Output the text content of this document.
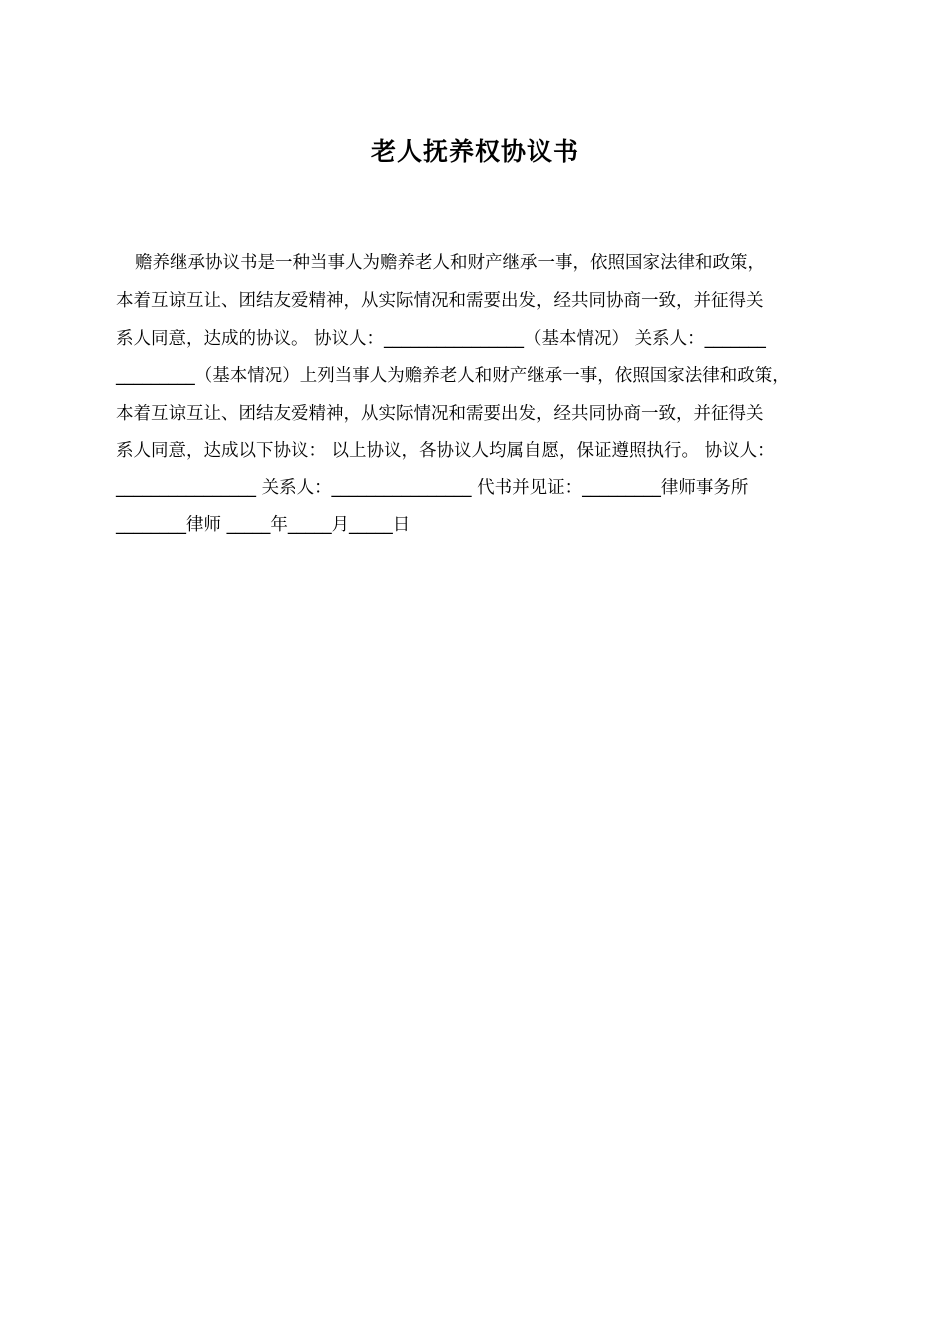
老人抚养权协议书
赡养继承协议书是一种当事人为赡养老人和财产继承一事，依照国家法律和政策，
本着互谅互让、团结友爱精神，从实际情况和需要出发，经共同协商一致，并征得关
系人同意，达成的协议。 协议人：________________（基本情况） 关系人：_______
_________（基本情况）上列当事人为赡养老人和财产继承一事，依照国家法律和政策，
本着互谅互让、团结友爱精神，从实际情况和需要出发，经共同协商一致，并征得关
系人同意，达成以下协议： 以上协议，各协议人均属自愿，保证遵照执行。 协议人：
________________ 关系人：________________ 代书并见证：_________律师事务所
________律师 _____年_____月_____日
